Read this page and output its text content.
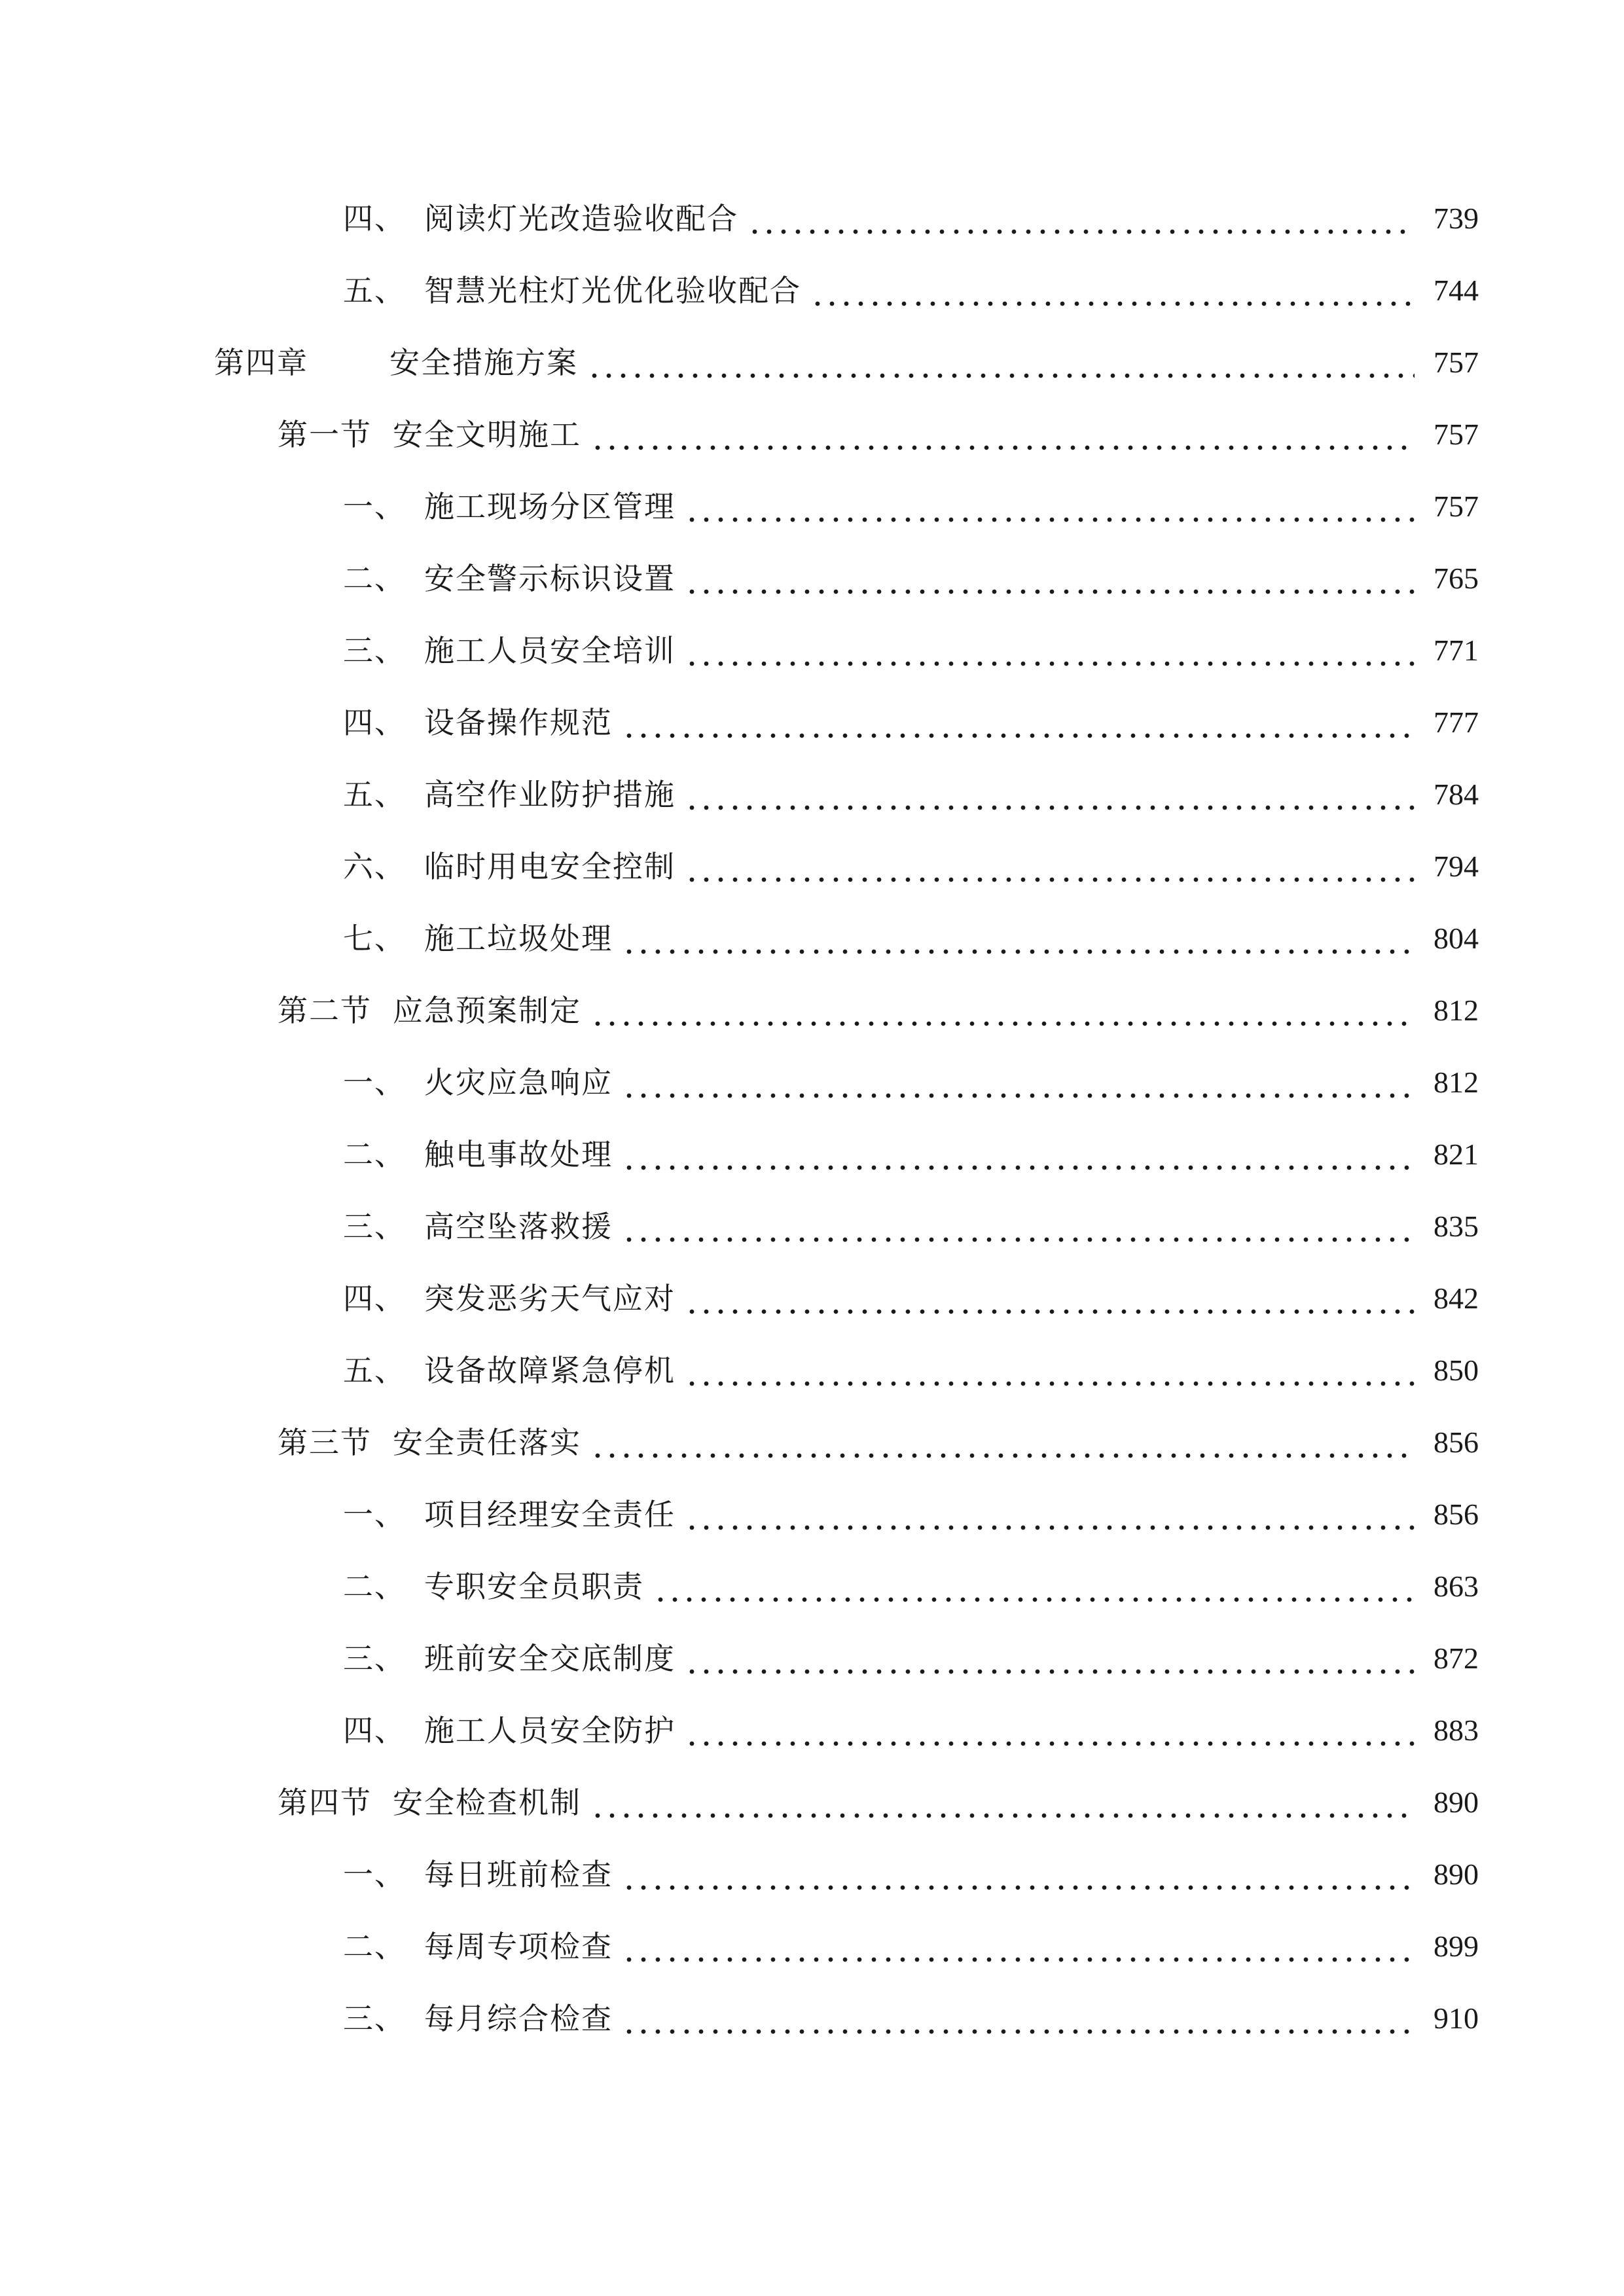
四、 阅读灯光改造验收配合	739
五、 智慧光柱灯光优化验收配合	744
第四章	安全措施方案	757
第一节 安全文明施工	757
一、 施工现场分区管理	757
二、 安全警示标识设置	765
三、 施工人员安全培训	771
四、 设备操作规范	777
五、 高空作业防护措施	784
六、 临时用电安全控制	794
七、 施工垃圾处理	804
第二节 应急预案制定	812
一、 火灾应急响应	812
二、 触电事故处理	821
三、 高空坠落救援	835
四、 突发恶劣天气应对	842
五、 设备故障紧急停机	850
第三节 安全责任落实	856
一、 项目经理安全责任	856
二、 专职安全员职责	863
三、 班前安全交底制度	872
四、 施工人员安全防护	883
第四节 安全检查机制	890
一、 每日班前检查	890
二、 每周专项检查	899
三、 每月综合检查	910
